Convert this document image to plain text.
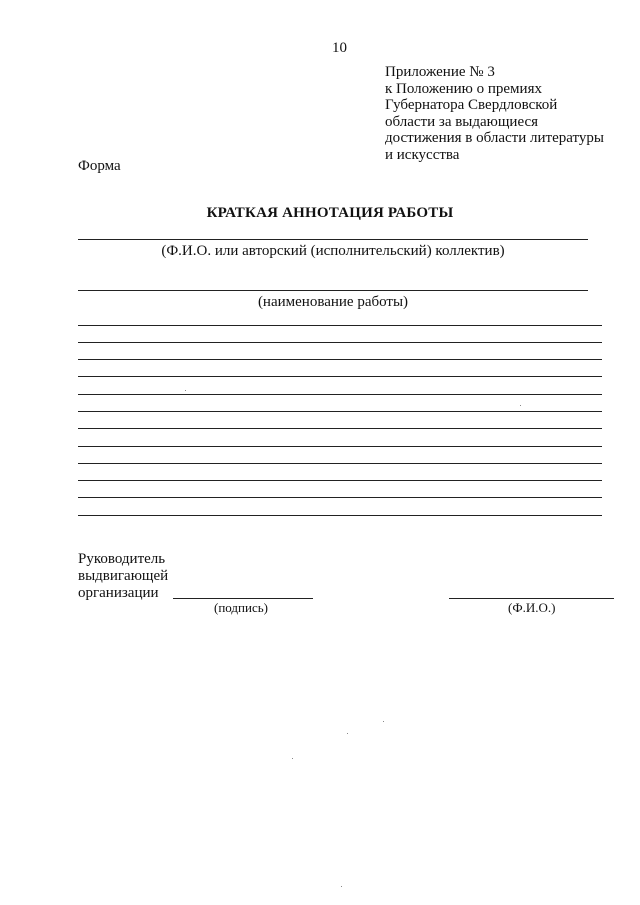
10
Приложение № 3
к Положению о премиях
Губернатора Свердловской
области за выдающиеся
достижения в области литературы
и искусства
Форма
КРАТКАЯ АННОТАЦИЯ РАБОТЫ
(Ф.И.О. или авторский (исполнительский) коллектив)
(наименование работы)
Руководитель
выдвигающей
организации
(подпись)	(Ф.И.О.)
